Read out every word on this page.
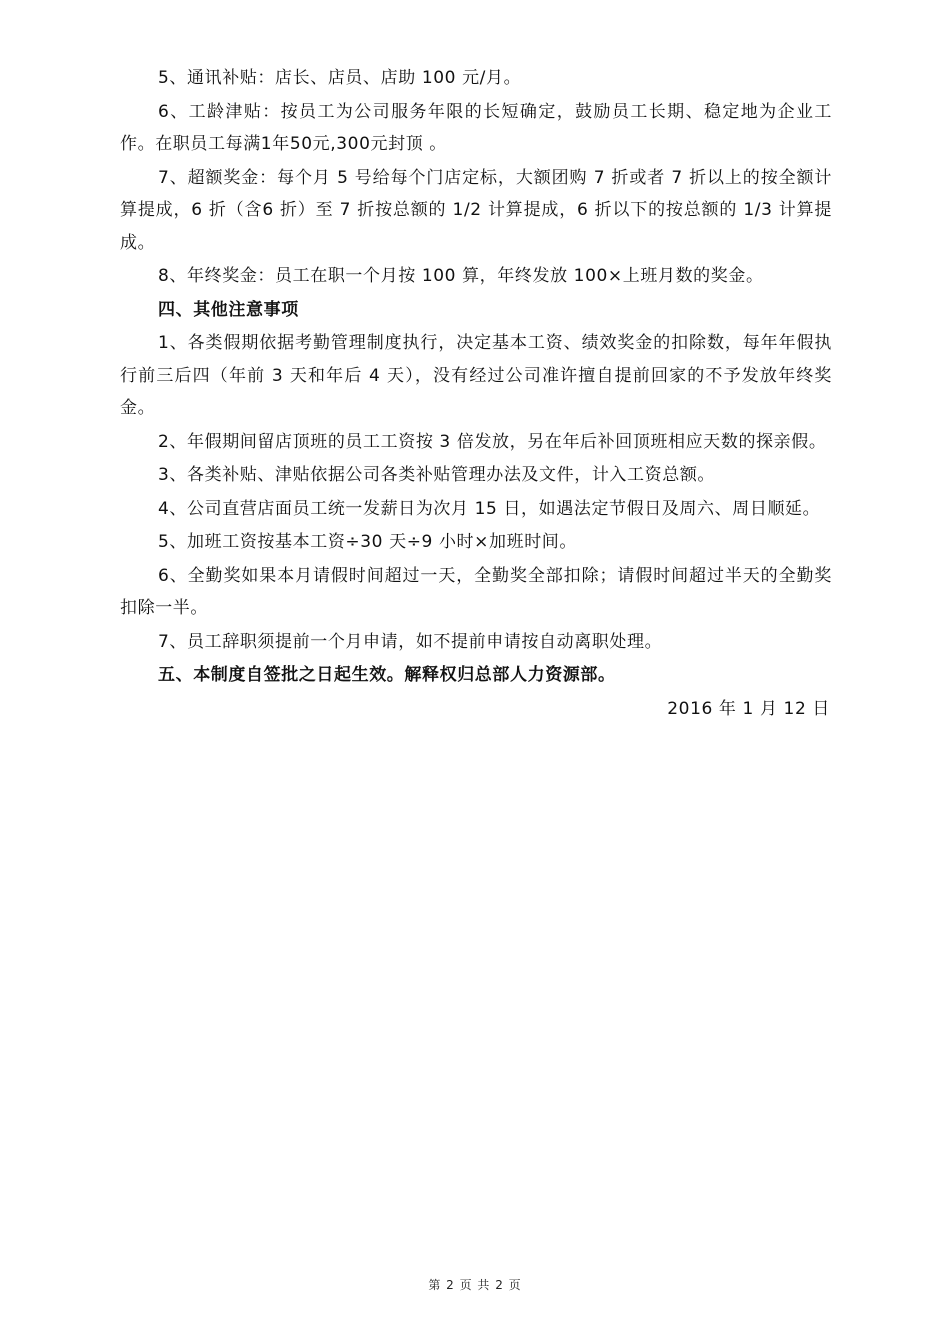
5、通讯补贴：店长、店员、店助 100 元/月。

6、工龄津贴：按员工为公司服务年限的长短确定，鼓励员工长期、稳定地为企业工作。在职员工每满1年50元,300元封顶 。

7、超额奖金：每个月 5 号给每个门店定标，大额团购 7 折或者 7 折以上的按全额计算提成，6 折（含6 折）至 7 折按总额的 1/2 计算提成，6 折以下的按总额的 1/3 计算提成。

8、年终奖金：员工在职一个月按 100 算，年终发放 100×上班月数的奖金。

四、其他注意事项

1、各类假期依据考勤管理制度执行，决定基本工资、绩效奖金的扣除数，每年年假执行前三后四（年前 3 天和年后 4 天），没有经过公司准许擅自提前回家的不予发放年终奖金。

2、年假期间留店顶班的员工工资按 3 倍发放，另在年后补回顶班相应天数的探亲假。

3、各类补贴、津贴依据公司各类补贴管理办法及文件，计入工资总额。

4、公司直营店面员工统一发薪日为次月 15 日，如遇法定节假日及周六、周日顺延。

5、加班工资按基本工资÷30 天÷9 小时×加班时间。

6、全勤奖如果本月请假时间超过一天，全勤奖全部扣除；请假时间超过半天的全勤奖扣除一半。

7、员工辞职须提前一个月申请，如不提前申请按自动离职处理。

五、本制度自签批之日起生效。解释权归总部人力资源部。

2016 年 1 月 12 日

第 2 页 共 2 页
